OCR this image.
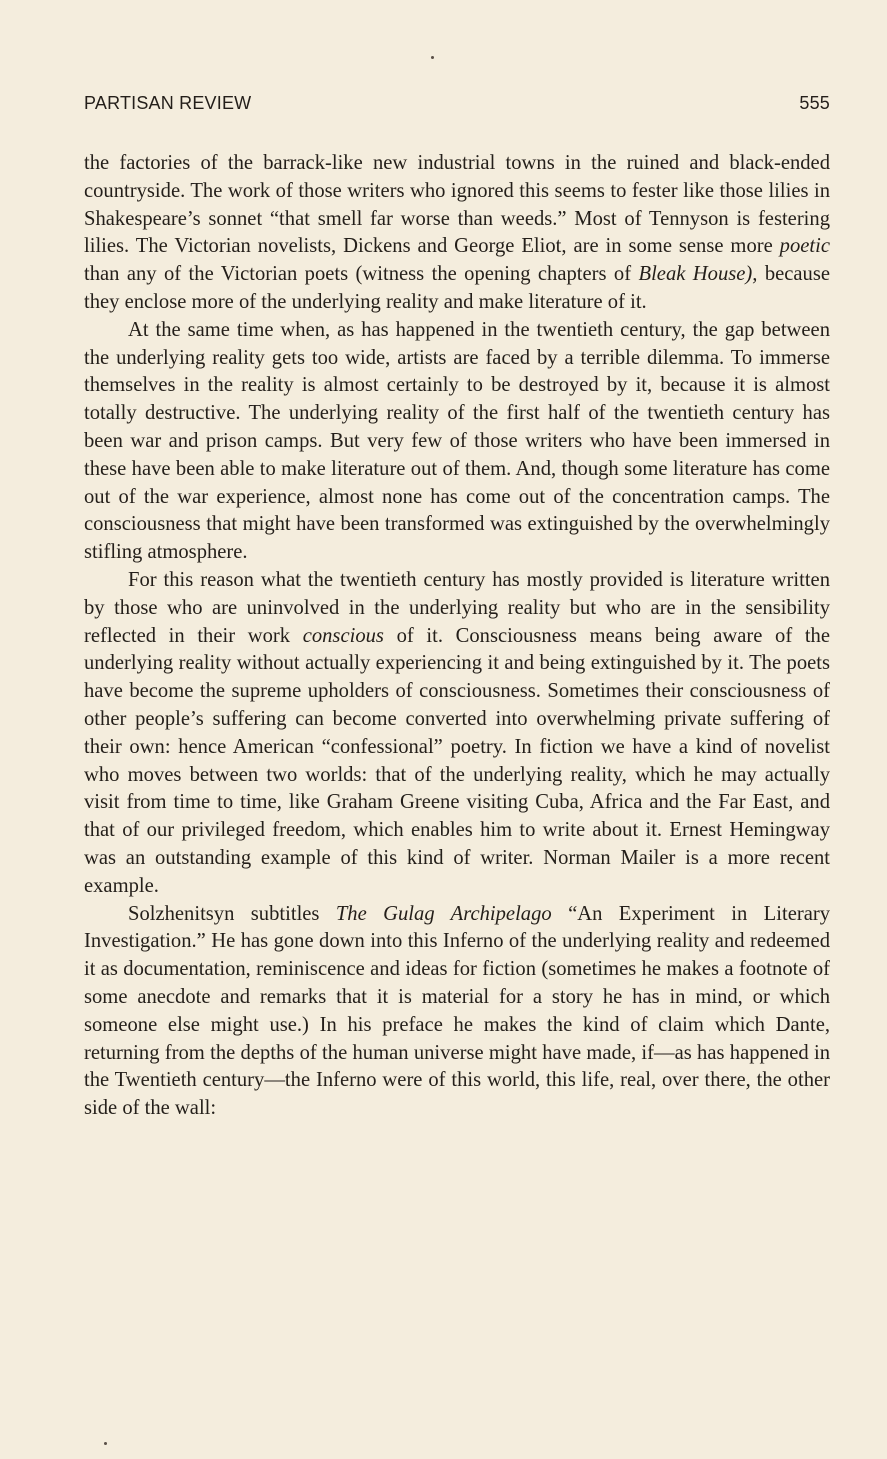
PARTISAN REVIEW	555

the factories of the barrack-like new industrial towns in the ruined and black-ended countryside. The work of those writers who ignored this seems to fester like those lilies in Shakespeare’s sonnet “that smell far worse than weeds.” Most of Tennyson is festering lilies. The Victorian novelists, Dickens and George Eliot, are in some sense more poetic than any of the Victorian poets (witness the opening chapters of Bleak House), because they enclose more of the underlying reality and make literature of it.

At the same time when, as has happened in the twentieth century, the gap between the underlying reality gets too wide, artists are faced by a terrible dilemma. To immerse themselves in the reality is almost certainly to be destroyed by it, because it is almost totally destructive. The underlying reality of the first half of the twentieth century has been war and prison camps. But very few of those writers who have been immersed in these have been able to make literature out of them. And, though some literature has come out of the war experience, almost none has come out of the concentration camps. The consciousness that might have been transformed was extinguished by the overwhelmingly stifling atmosphere.

For this reason what the twentieth century has mostly provided is literature written by those who are uninvolved in the underlying reality but who are in the sensibility reflected in their work conscious of it. Consciousness means being aware of the underlying reality without actually experiencing it and being extinguished by it. The poets have become the supreme upholders of consciousness. Sometimes their consciousness of other people’s suffering can become converted into overwhelming private suffering of their own: hence American “confessional” poetry. In fiction we have a kind of novelist who moves between two worlds: that of the underlying reality, which he may actually visit from time to time, like Graham Greene visiting Cuba, Africa and the Far East, and that of our privileged freedom, which enables him to write about it. Ernest Hemingway was an outstanding example of this kind of writer. Norman Mailer is a more recent example.

Solzhenitsyn subtitles The Gulag Archipelago “An Experiment in Literary Investigation.” He has gone down into this Inferno of the underlying reality and redeemed it as documentation, reminiscence and ideas for fiction (sometimes he makes a footnote of some anecdote and remarks that it is material for a story he has in mind, or which someone else might use.) In his preface he makes the kind of claim which Dante, returning from the depths of the human universe might have made, if—as has happened in the Twentieth century—the Inferno were of this world, this life, real, over there, the other side of the wall:
